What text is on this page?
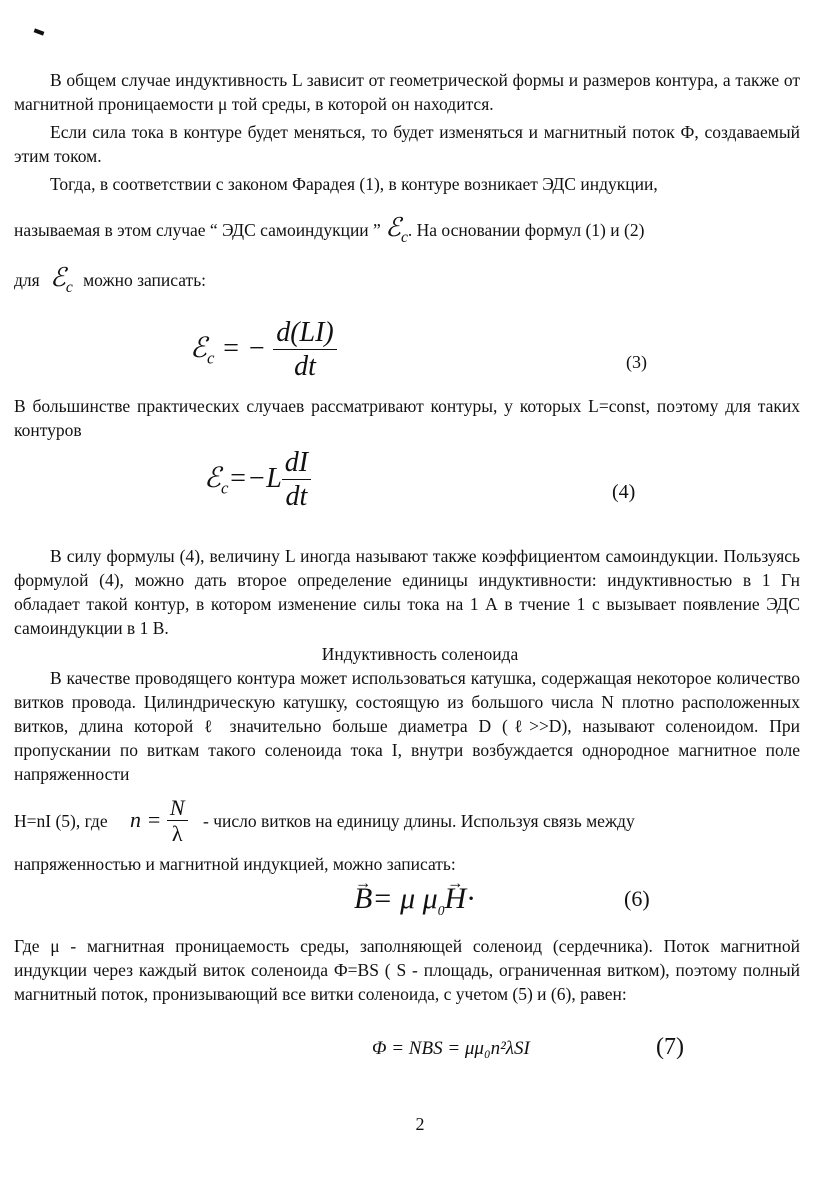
В общем случае индуктивность L зависит от геометрической формы и размеров контура, а также от магнитной проницаемости μ той среды, в которой он находится.

Если сила тока в контуре будет меняться, то будет изменяться и магнитный поток Ф, создаваемый этим током.

Тогда, в соответствии с законом Фарадея (1), в контуре возникает ЭДС индукции,

называемая в этом случае “ ЭДС самоиндукции ” ℰ$_c$. На основании формул (1) и (2)
для ℰ$_c$ можно записать:
ℰ$_c$ = − $\frac{d(LI)}{dt}$	(3)

В большинстве практических случаев рассматривают контуры, у которых L=const, поэтому для таких контуров

ℰ$_c$=−L $\frac{dI}{dt}$	(4)

В силу формулы (4), величину L иногда называют также коэффициентом самоиндукции. Пользуясь формулой (4), можно дать второе определение единицы индуктивности: индуктивностью в 1 Гн обладает такой контур, в котором изменение силы тока на 1 А в тчение 1 с вызывает появление ЭДС самоиндукции в 1 В.

Индуктивность соленоида

В качестве проводящего контура может использоваться катушка, содержащая некоторое количество витков провода. Цилиндрическую катушку, состоящую из большого числа N плотно расположенных витков, длина которой ℓ значительно больше диаметра D (ℓ>>D), называют соленоидом. При пропускании по виткам такого соленоида тока I, внутри возбуждается однородное магнитное поле напряженности

H=nI (5), где $n = \frac{N}{\lambda}$ - число витков на единицу длины. Используя связь между

напряженностью и магнитной индукцией, можно записать:

→ B= μ $\mu_0\to H\cdot$	(6)

Где μ - магнитная проницаемость среды, заполняющей соленоид (сердечника). Поток магнитной индукции через каждый виток соленоида Ф=BS ( S - площадь, ограниченная витком), поэтому полный магнитный поток, пронизывающий все витки соленоида, с учетом (5) и (6), равен:

Φ = NBS = μμ₀n²λSI	(7)
2
